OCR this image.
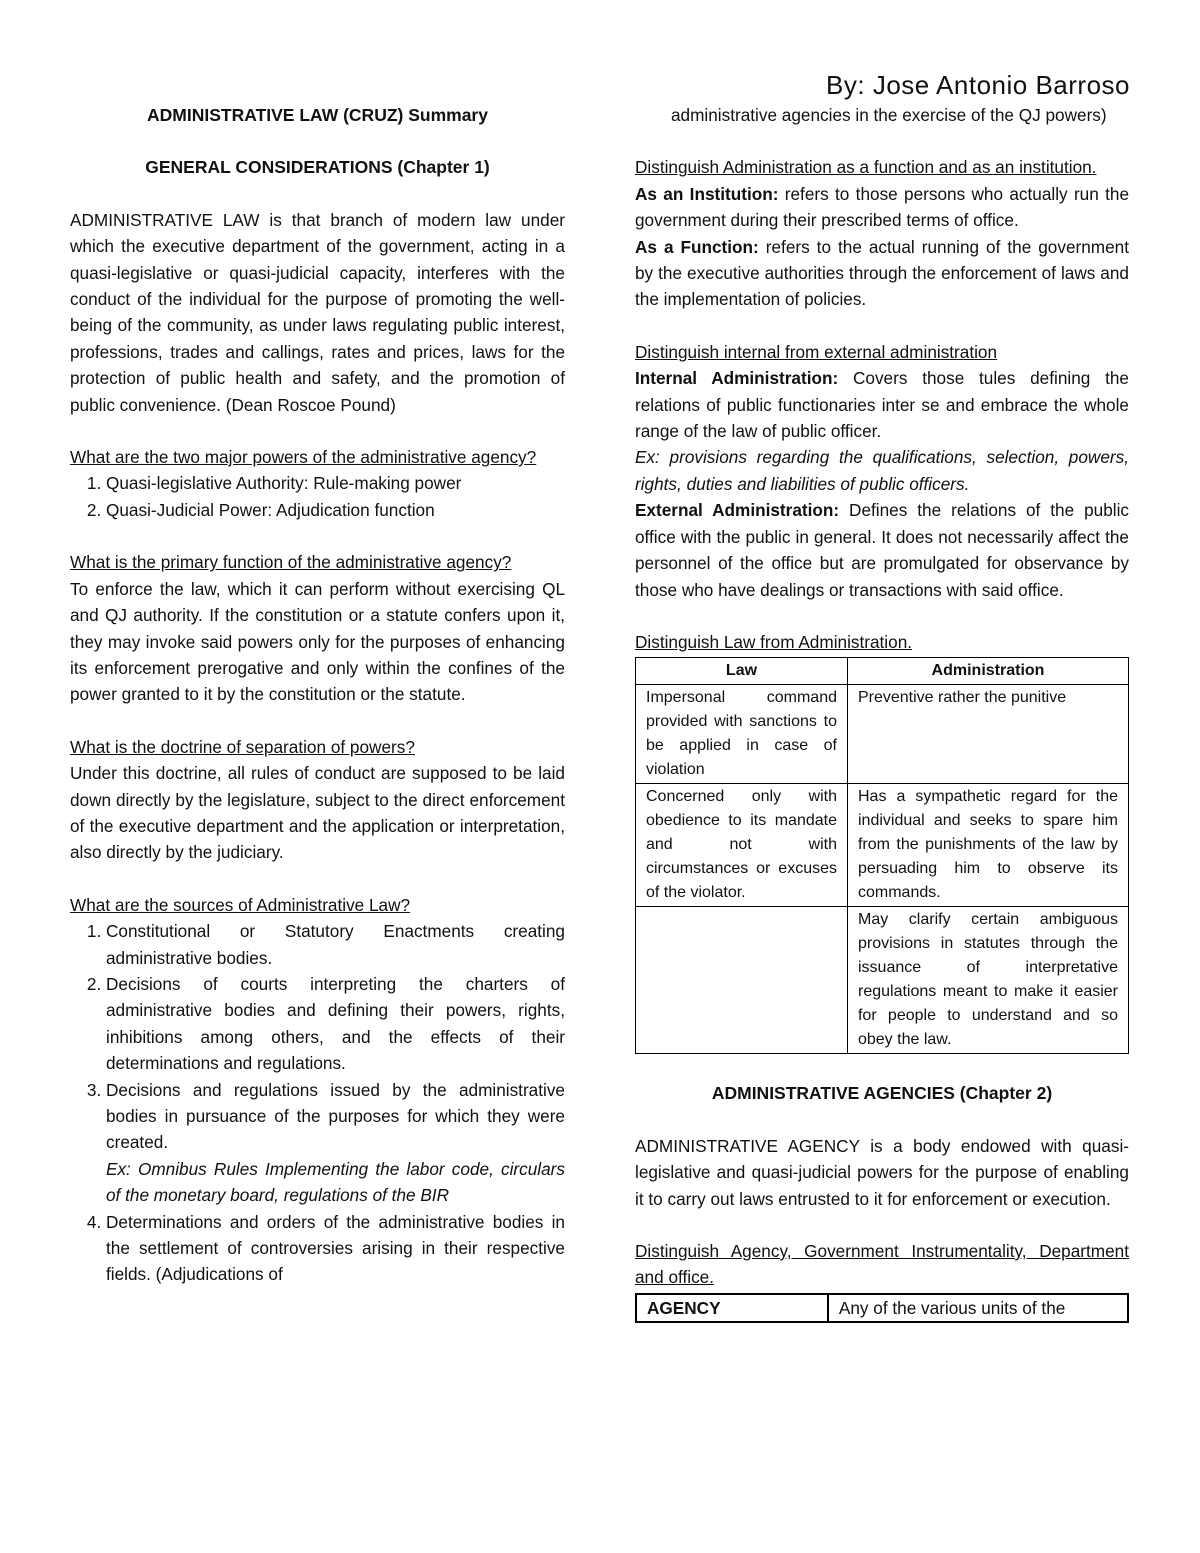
By: Jose Antonio Barroso

ADMINISTRATIVE LAW (CRUZ) Summary

GENERAL CONSIDERATIONS (Chapter 1)

ADMINISTRATIVE LAW is that branch of modern law under which the executive department of the government, acting in a quasi-legislative or quasi-judicial capacity, interferes with the conduct of the individual for the purpose of promoting the well-being of the community, as under laws regulating public interest, professions, trades and callings, rates and prices, laws for the protection of public health and safety, and the promotion of public convenience. (Dean Roscoe Pound)

What are the two major powers of the administrative agency?

1. Quasi-legislative Authority: Rule-making power
2. Quasi-Judicial Power: Adjudication function

What is the primary function of the administrative agency?

To enforce the law, which it can perform without exercising QL and QJ authority. If the constitution or a statute confers upon it, they may invoke said powers only for the purposes of enhancing its enforcement prerogative and only within the confines of the power granted to it by the constitution or the statute.

What is the doctrine of separation of powers?

Under this doctrine, all rules of conduct are supposed to be laid down directly by the legislature, subject to the direct enforcement of the executive department and the application or interpretation, also directly by the judiciary.

What are the sources of Administrative Law?

1. Constitutional or Statutory Enactments creating administrative bodies.
2. Decisions of courts interpreting the charters of administrative bodies and defining their powers, rights, inhibitions among others, and the effects of their determinations and regulations.
3. Decisions and regulations issued by the administrative bodies in pursuance of the purposes for which they were created.
Ex: Omnibus Rules Implementing the labor code, circulars of the monetary board, regulations of the BIR
4. Determinations and orders of the administrative bodies in the settlement of controversies arising in their respective fields. (Adjudications of

administrative agencies in the exercise of the QJ powers)

Distinguish Administration as a function and as an institution.

As an Institution: refers to those persons who actually run the government during their prescribed terms of office.

As a Function: refers to the actual running of the government by the executive authorities through the enforcement of laws and the implementation of policies.

Distinguish internal from external administration

Internal Administration: Covers those tules defining the relations of public functionaries inter se and embrace the whole range of the law of public officer.

Ex: provisions regarding the qualifications, selection, powers, rights, duties and liabilities of public officers.

External Administration: Defines the relations of the public office with the public in general. It does not necessarily affect the personnel of the office but are promulgated for observance by those who have dealings or transactions with said office.

Distinguish Law from Administration.

Law	Administration
Impersonal command provided with sanctions to be applied in case of violation	Preventive rather the punitive
Concerned only with obedience to its mandate and not with circumstances or excuses of the violator.	Has a sympathetic regard for the individual and seeks to spare him from the punishments of the law by persuading him to observe its commands.
	May clarify certain ambiguous provisions in statutes through the issuance of interpretative regulations meant to make it easier for people to understand and so obey the law.

ADMINISTRATIVE AGENCIES (Chapter 2)

ADMINISTRATIVE AGENCY is a body endowed with quasi-legislative and quasi-judicial powers for the purpose of enabling it to carry out laws entrusted to it for enforcement or execution.

Distinguish Agency, Government Instrumentality, Department and office.

AGENCY	Any of the various units of the
